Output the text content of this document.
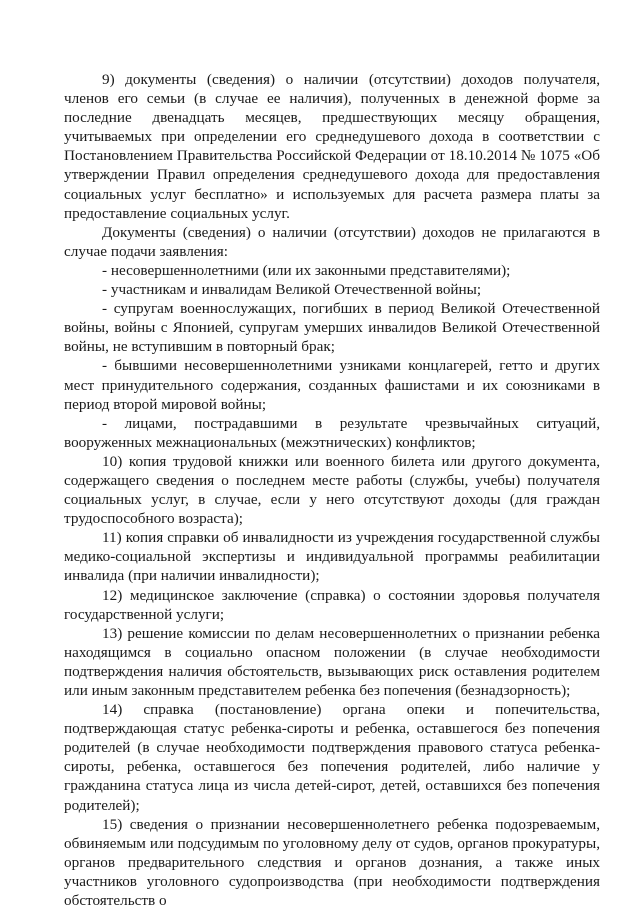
9) документы (сведения) о наличии (отсутствии) доходов получателя, членов его семьи (в случае ее наличия), полученных в денежной форме за последние двенадцать месяцев, предшествующих месяцу обращения, учитываемых при определении его среднедушевого дохода в соответствии с Постановлением Правительства Российской Федерации от 18.10.2014 № 1075 «Об утверждении Правил определения среднедушевого дохода для предоставления социальных услуг бесплатно» и используемых для расчета размера платы за предоставление социальных услуг.

Документы (сведения) о наличии (отсутствии) доходов не прилагаются в случае подачи заявления:

- несовершеннолетними (или их законными представителями);

- участникам и инвалидам Великой Отечественной войны;

- супругам военнослужащих, погибших в период Великой Отечественной войны, войны с Японией, супругам умерших инвалидов Великой Отечественной войны, не вступившим в повторный брак;

- бывшими несовершеннолетними узниками концлагерей, гетто и других мест принудительного содержания, созданных фашистами и их союзниками в период второй мировой войны;

- лицами, пострадавшими в результате чрезвычайных ситуаций, вооруженных межнациональных (межэтнических) конфликтов;

10) копия трудовой книжки или военного билета или другого документа, содержащего сведения о последнем месте работы (службы, учебы) получателя социальных услуг, в случае, если у него отсутствуют доходы (для граждан трудоспособного возраста);

11) копия справки об инвалидности из учреждения государственной службы медико-социальной экспертизы и индивидуальной программы реабилитации инвалида (при наличии инвалидности);

12) медицинское заключение (справка) о состоянии здоровья получателя государственной услуги;

13) решение комиссии по делам несовершеннолетних о признании ребенка находящимся в социально опасном положении (в случае необходимости подтверждения наличия обстоятельств, вызывающих риск оставления родителем или иным законным представителем ребенка без попечения (безнадзорность);

14) справка (постановление) органа опеки и попечительства, подтверждающая статус ребенка-сироты и ребенка, оставшегося без попечения родителей (в случае необходимости подтверждения правового статуса ребенка-сироты, ребенка, оставшегося без попечения родителей, либо наличие у гражданина статуса лица из числа детей-сирот, детей, оставшихся без попечения родителей);

15) сведения о признании несовершеннолетнего ребенка подозреваемым, обвиняемым или подсудимым по уголовному делу от судов, органов прокуратуры, органов предварительного следствия и органов дознания, а также иных участников уголовного судопроизводства (при необходимости подтверждения обстоятельств о
